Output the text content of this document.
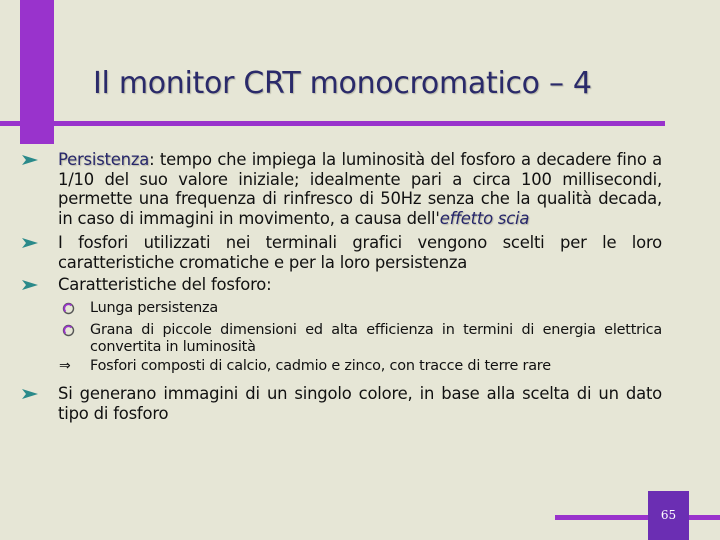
Il monitor CRT monocromatico – 4
Persistenza: tempo che impiega la luminosità del fosforo a decadere fino a 1/10 del suo valore iniziale; idealmente pari a circa 100 millisecondi, permette una frequenza di rinfresco di 50Hz senza che la qualità decada, in caso di immagini in movimento, a causa dell'effetto scia
I fosfori utilizzati nei terminali grafici vengono scelti per le loro caratteristiche cromatiche e per la loro persistenza
Caratteristiche del fosforo:
Lunga persistenza
Grana di piccole dimensioni ed alta efficienza in termini di energia elettrica convertita in luminosità
⇒ Fosfori composti di calcio, cadmio e zinco, con tracce di terre rare
Si generano immagini di un singolo colore, in base alla scelta di un dato tipo di fosforo
65
